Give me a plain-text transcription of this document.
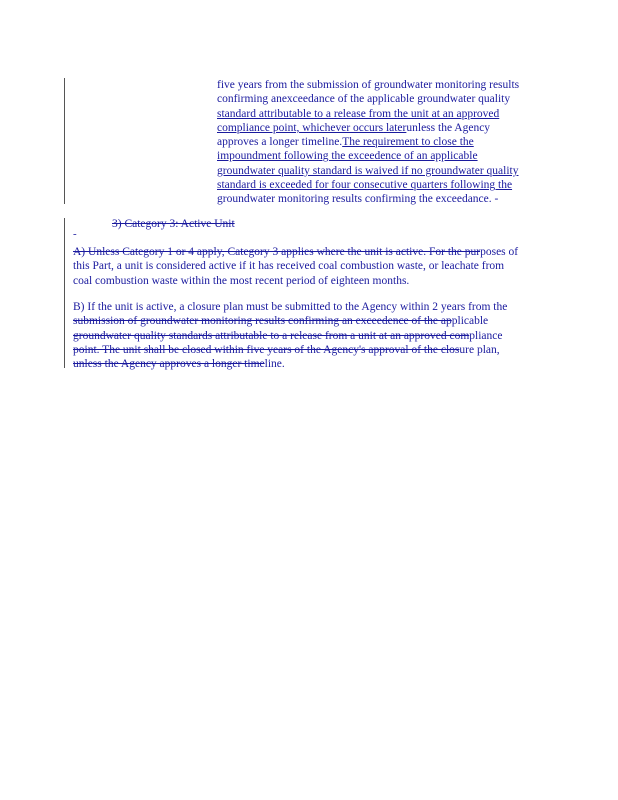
five years from the submission of groundwater monitoring results
confirming anexceedance of the applicable groundwater quality
standard attributable to a release from the unit at an approved
compliance point, whichever occurs laterunless the Agency
approves a longer timeline.The requirement to close the
impoundment following the exceedence of an applicable
groundwater quality standard is waived if no groundwater quality
standard is exceeded for four consecutive quarters following the
groundwater monitoring results confirming the exceedance. -
3) Category 3: Active Unit
-
A) Unless Category 1 or 4 apply, Category 3 applies where the unit is active. For the purposes of
this Part, a unit is considered active if it has received coal combustion waste, or leachate from
coal combustion waste within the most recent period of eighteen months.
B) If the unit is active, a closure plan must be submitted to the Agency within 2 years from the
submission of groundwater monitoring results confirming an exceedence of the applicable
groundwater quality standards attributable to a release from a unit at an approved compliance
point. The unit shall be closed within five years of the Agency's approval of the closure plan,
unless the Agency approves a longer timeline.
